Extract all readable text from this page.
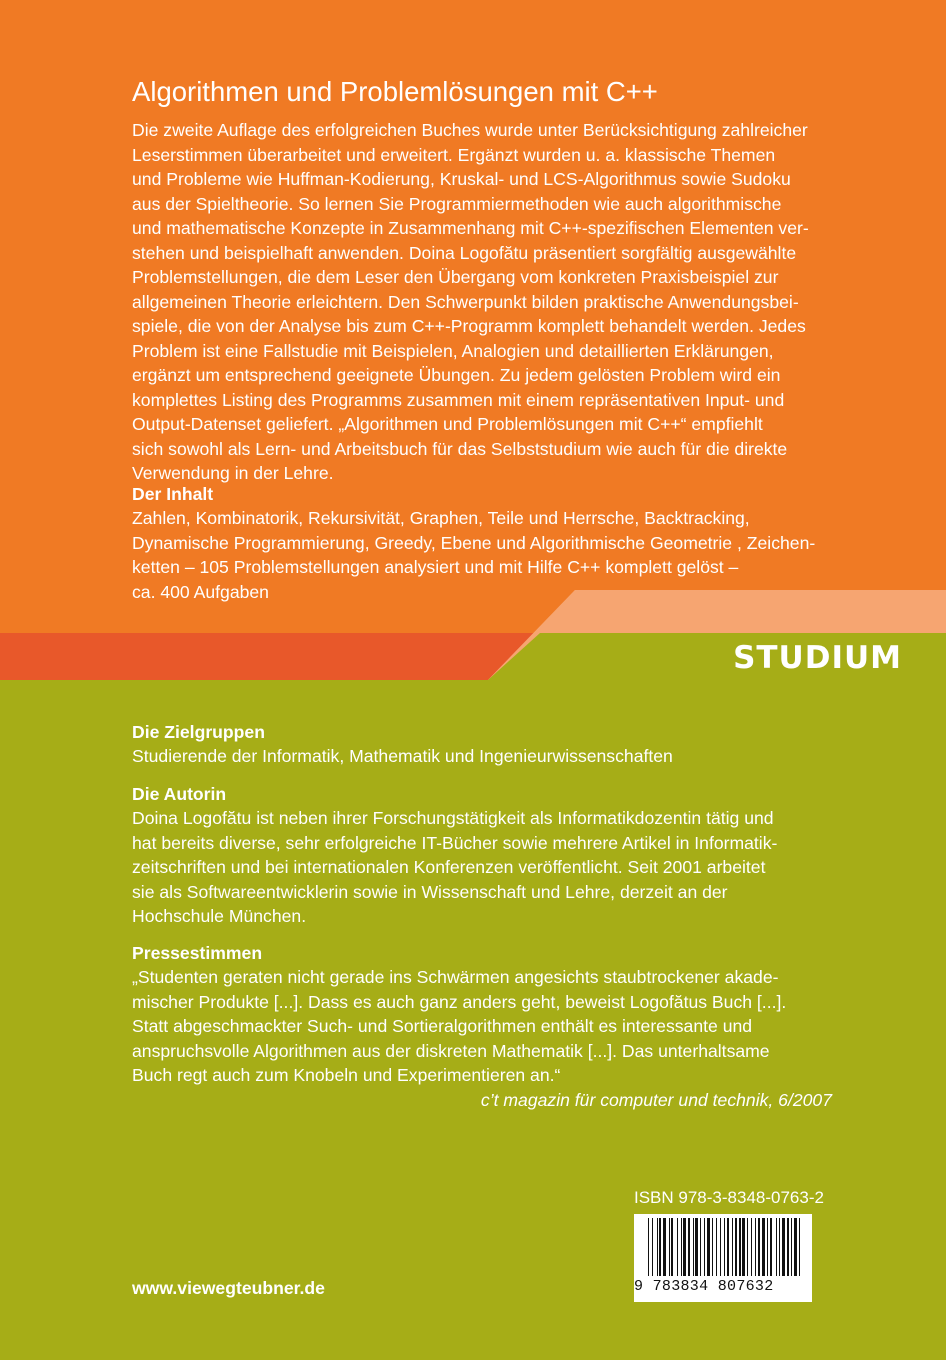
STUDIUM
Algorithmen und Problemlösungen mit C++

Die zweite Auflage des erfolgreichen Buches wurde unter Berücksichtigung zahlreicher
Leserstimmen überarbeitet und erweitert. Ergänzt wurden u. a. klassische Themen
und Probleme wie Huffman-Kodierung, Kruskal- und LCS-Algorithmus sowie Sudoku
aus der Spieltheorie. So lernen Sie Programmiermethoden wie auch algorithmische
und mathematische Konzepte in Zusammenhang mit C++-spezifischen Elementen ver-
stehen und beispielhaft anwenden. Doina Logofătu präsentiert sorgfältig ausgewählte
Problemstellungen, die dem Leser den Übergang vom konkreten Praxisbeispiel zur
allgemeinen Theorie erleichtern. Den Schwerpunkt bilden praktische Anwendungsbei-
spiele, die von der Analyse bis zum C++-Programm komplett behandelt werden. Jedes
Problem ist eine Fallstudie mit Beispielen, Analogien und detaillierten Erklärungen,
ergänzt um entsprechend geeignete Übungen. Zu jedem gelösten Problem wird ein
komplettes Listing des Programms zusammen mit einem repräsentativen Input- und
Output-Datenset geliefert. „Algorithmen und Problemlösungen mit C++“ empfiehlt
sich sowohl als Lern- und Arbeitsbuch für das Selbststudium wie auch für die direkte
Verwendung in der Lehre.

Der Inhalt

Zahlen, Kombinatorik, Rekursivität, Graphen, Teile und Herrsche, Backtracking,
Dynamische Programmierung, Greedy, Ebene und Algorithmische Geometrie , Zeichen-
ketten – 105 Problemstellungen analysiert und mit Hilfe C++ komplett gelöst –
ca. 400 Aufgaben

Die Zielgruppen

Studierende der Informatik, Mathematik und Ingenieurwissenschaften

Die Autorin

Doina Logofătu ist neben ihrer Forschungstätigkeit als Informatikdozentin tätig und
hat bereits diverse, sehr erfolgreiche IT-Bücher sowie mehrere Artikel in Informatik-
zeitschriften und bei internationalen Konferenzen veröffentlicht. Seit 2001 arbeitet
sie als Softwareentwicklerin sowie in Wissenschaft und Lehre, derzeit an der
Hochschule München.

Pressestimmen

„Studenten geraten nicht gerade ins Schwärmen angesichts staubtrockener akade-
mischer Produkte [...]. Dass es auch ganz anders geht, beweist Logofătus Buch [...].
Statt abgeschmackter Such- und Sortieralgorithmen enthält es interessante und
anspruchsvolle Algorithmen aus der diskreten Mathematik [...]. Das unterhaltsame
Buch regt auch zum Knobeln und Experimentieren an.“

c’t magazin für computer und technik, 6/2007
ISBN 978-3-8348-0763-2
9 783834 807632
www.viewegteubner.de
